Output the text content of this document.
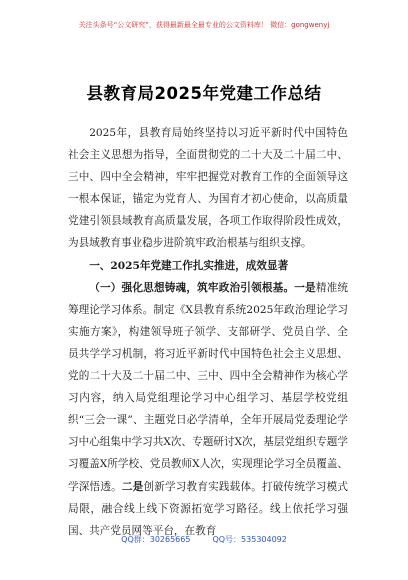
关注头条号“公文研究”，获得最新最全最专业的公文资料库！ 微信：gongwenyj
县教育局2025年党建工作总结

2025年，县教育局始终坚持以习近平新时代中国特色社会主义思想为指导，全面贯彻党的二十大及二十届二中、三中、四中全会精神，牢牢把握党对教育工作的全面领导这一根本保证，锚定为党育人、为国育才初心使命，以高质量党建引领县域教育高质量发展，各项工作取得阶段性成效，为县域教育事业稳步进阶筑牢政治根基与组织支撑。

一、2025年党建工作扎实推进，成效显著

（一）强化思想铸魂，筑牢政治引领根基。一是精准统筹理论学习体系。制定《X县教育系统2025年政治理论学习实施方案》，构建领导班子领学、支部研学、党员自学、全员共学学习机制，将习近平新时代中国特色社会主义思想、党的二十大及二十届二中、三中、四中全会精神作为核心学习内容，纳入局党组理论学习中心组学习、基层学校党组织“三会一课”、主题党日必学清单，全年开展局党委理论学习中心组集中学习共X次、专题研讨X次，基层党组织专题学习覆盖X所学校、党员教师X人次，实现理论学习全员覆盖、学深悟透。二是创新学习教育实践载体。打破传统学习模式局限，融合线上线下资源拓宽学习路径。线上依托学习强国、共产党员网等平台，在教育

QQ群：30265665	QQ号：535304092
